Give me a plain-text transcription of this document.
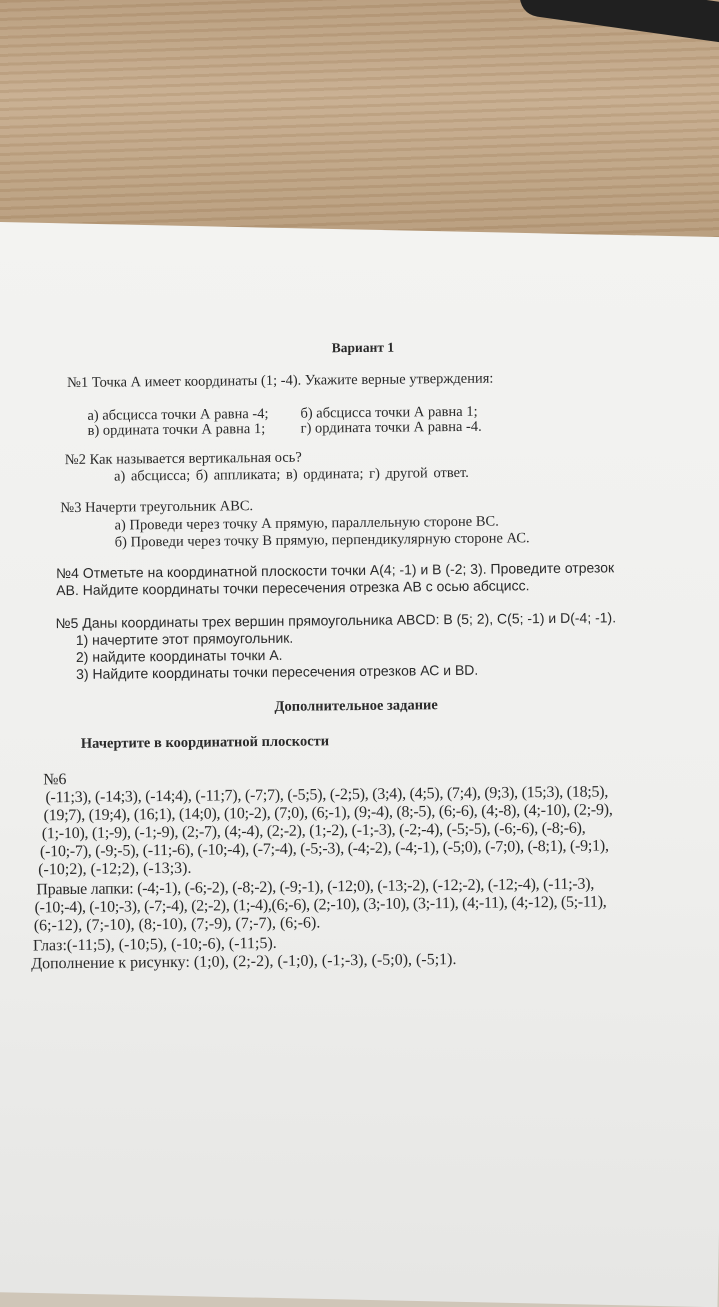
Вариант 1
№1 Точка А имеет координаты (1; -4). Укажите верные утверждения:
а) абсцисса точки А равна -4; б) абсцисса точки А равна 1;
в) ордината точки А равна 1; г) ордината точки А равна -4.
№2 Как называется вертикальная ось?
а) абсцисса; б) аппликата; в) ордината; г) другой ответ.
№3 Начерти треугольник АВС.
а) Проведи через точку А прямую, параллельную стороне ВС.
б) Проведи через точку В прямую, перпендикулярную стороне АС.
№4 Отметьте на координатной плоскости точки А(4; -1) и В (-2; 3). Проведите отрезок
АВ. Найдите координаты точки пересечения отрезка АВ с осью абсцисс.
№5 Даны координаты трех вершин прямоугольника ABCD: B (5; 2), C(5; -1) и D(-4; -1).
1) начертите этот прямоугольник.
2) найдите координаты точки А.
3) Найдите координаты точки пересечения отрезков АС и BD.
Дополнительное задание
Начертите в координатной плоскости
№6
(-11;3), (-14;3), (-14;4), (-11;7), (-7;7), (-5;5), (-2;5), (3;4), (4;5), (7;4), (9;3), (15;3), (18;5),
(19;7), (19;4), (16;1), (14;0), (10;-2), (7;0), (6;-1), (9;-4), (8;-5), (6;-6), (4;-8), (4;-10), (2;-9),
(1;-10), (1;-9), (-1;-9), (2;-7), (4;-4), (2;-2), (1;-2), (-1;-3), (-2;-4), (-5;-5), (-6;-6), (-8;-6),
(-10;-7), (-9;-5), (-11;-6), (-10;-4), (-7;-4), (-5;-3), (-4;-2), (-4;-1), (-5;0), (-7;0), (-8;1), (-9;1),
(-10;2), (-12;2), (-13;3).
Правые лапки: (-4;-1), (-6;-2), (-8;-2), (-9;-1), (-12;0), (-13;-2), (-12;-2), (-12;-4), (-11;-3),
(-10;-4), (-10;-3), (-7;-4), (2;-2), (1;-4),(6;-6), (2;-10), (3;-10), (3;-11), (4;-11), (4;-12), (5;-11),
(6;-12), (7;-10), (8;-10), (7;-9), (7;-7), (6;-6).
Глаз:(-11;5), (-10;5), (-10;-6), (-11;5).
Дополнение к рисунку: (1;0), (2;-2), (-1;0), (-1;-3), (-5;0), (-5;1).
